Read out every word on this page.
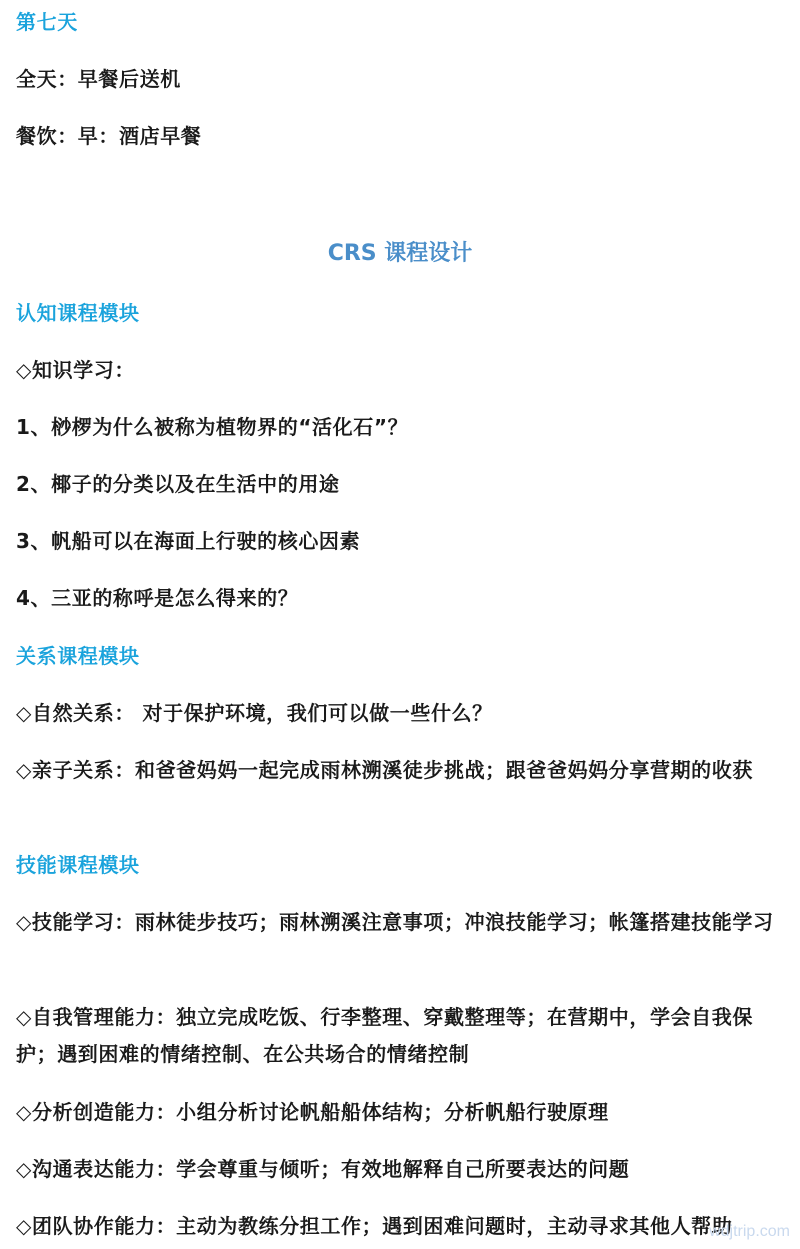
第七天
全天：早餐后送机
餐饮：早：酒店早餐
CRS 课程设计
认知课程模块
◇知识学习：
1、桫椤为什么被称为植物界的“活化石”？
2、椰子的分类以及在生活中的用途
3、帆船可以在海面上行驶的核心因素
4、三亚的称呼是怎么得来的？
关系课程模块
◇自然关系： 对于保护环境，我们可以做一些什么？
◇亲子关系：和爸爸妈妈一起完成雨林溯溪徒步挑战；跟爸爸妈妈分享营期的收获
技能课程模块
◇技能学习：雨林徒步技巧；雨林溯溪注意事项；冲浪技能学习；帐篷搭建技能学习
◇自我管理能力：独立完成吃饭、行李整理、穿戴整理等；在营期中，学会自我保护；遇到困难的情绪控制、在公共场合的情绪控制
◇分析创造能力：小组分析讨论帆船船体结构；分析帆船行驶原理
◇沟通表达能力：学会尊重与倾听；有效地解释自己所要表达的问题
◇团队协作能力：主动为教练分担工作；遇到困难问题时，主动寻求其他人帮助
wdjtrip.com
